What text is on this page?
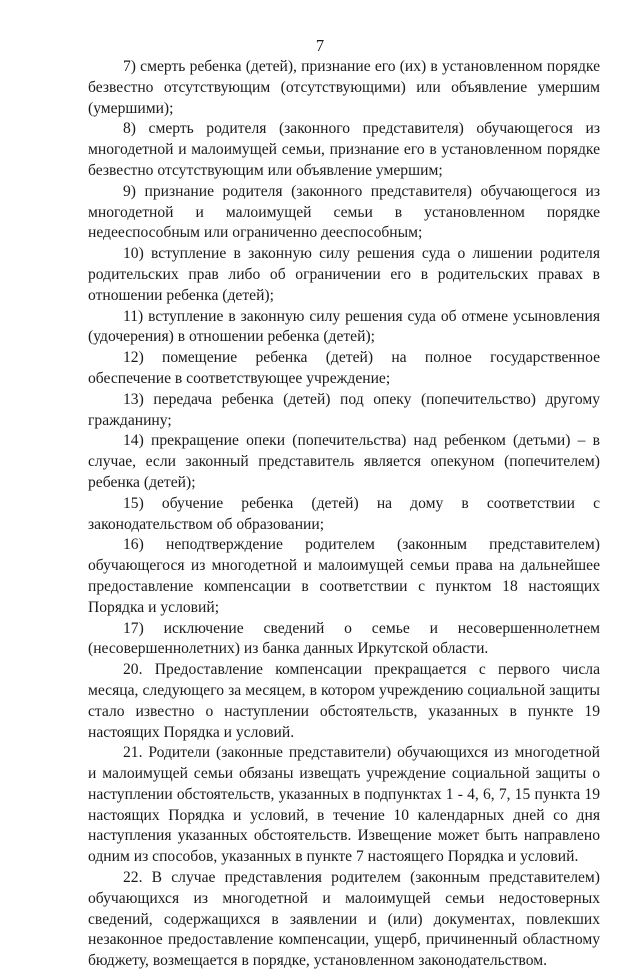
7

7) смерть ребенка (детей), признание его (их) в установленном порядке безвестно отсутствующим (отсутствующими) или объявление умершим (умершими);

8) смерть родителя (законного представителя) обучающегося из многодетной и малоимущей семьи, признание его в установленном порядке безвестно отсутствующим или объявление умершим;

9) признание родителя (законного представителя) обучающегося из многодетной и малоимущей семьи в установленном порядке недееспособным или ограниченно дееспособным;

10) вступление в законную силу решения суда о лишении родителя родительских прав либо об ограничении его в родительских правах в отношении ребенка (детей);

11) вступление в законную силу решения суда об отмене усыновления (удочерения) в отношении ребенка (детей);

12) помещение ребенка (детей) на полное государственное обеспечение в соответствующее учреждение;

13) передача ребенка (детей) под опеку (попечительство) другому гражданину;

14) прекращение опеки (попечительства) над ребенком (детьми) – в случае, если законный представитель является опекуном (попечителем) ребенка (детей);

15) обучение ребенка (детей) на дому в соответствии с законодательством об образовании;

16) неподтверждение родителем (законным представителем) обучающегося из многодетной и малоимущей семьи права на дальнейшее предоставление компенсации в соответствии с пунктом 18 настоящих Порядка и условий;

17) исключение сведений о семье и несовершеннолетнем (несовершеннолетних) из банка данных Иркутской области.

20. Предоставление компенсации прекращается с первого числа месяца, следующего за месяцем, в котором учреждению социальной защиты стало известно о наступлении обстоятельств, указанных в пункте 19 настоящих Порядка и условий.

21. Родители (законные представители) обучающихся из многодетной и малоимущей семьи обязаны извещать учреждение социальной защиты о наступлении обстоятельств, указанных в подпунктах 1 - 4, 6, 7, 15 пункта 19 настоящих Порядка и условий, в течение 10 календарных дней со дня наступления указанных обстоятельств. Извещение может быть направлено одним из способов, указанных в пункте 7 настоящего Порядка и условий.

22. В случае представления родителем (законным представителем) обучающихся из многодетной и малоимущей семьи недостоверных сведений, содержащихся в заявлении и (или) документах, повлекших незаконное предоставление компенсации, ущерб, причиненный областному бюджету, возмещается в порядке, установленном законодательством.
